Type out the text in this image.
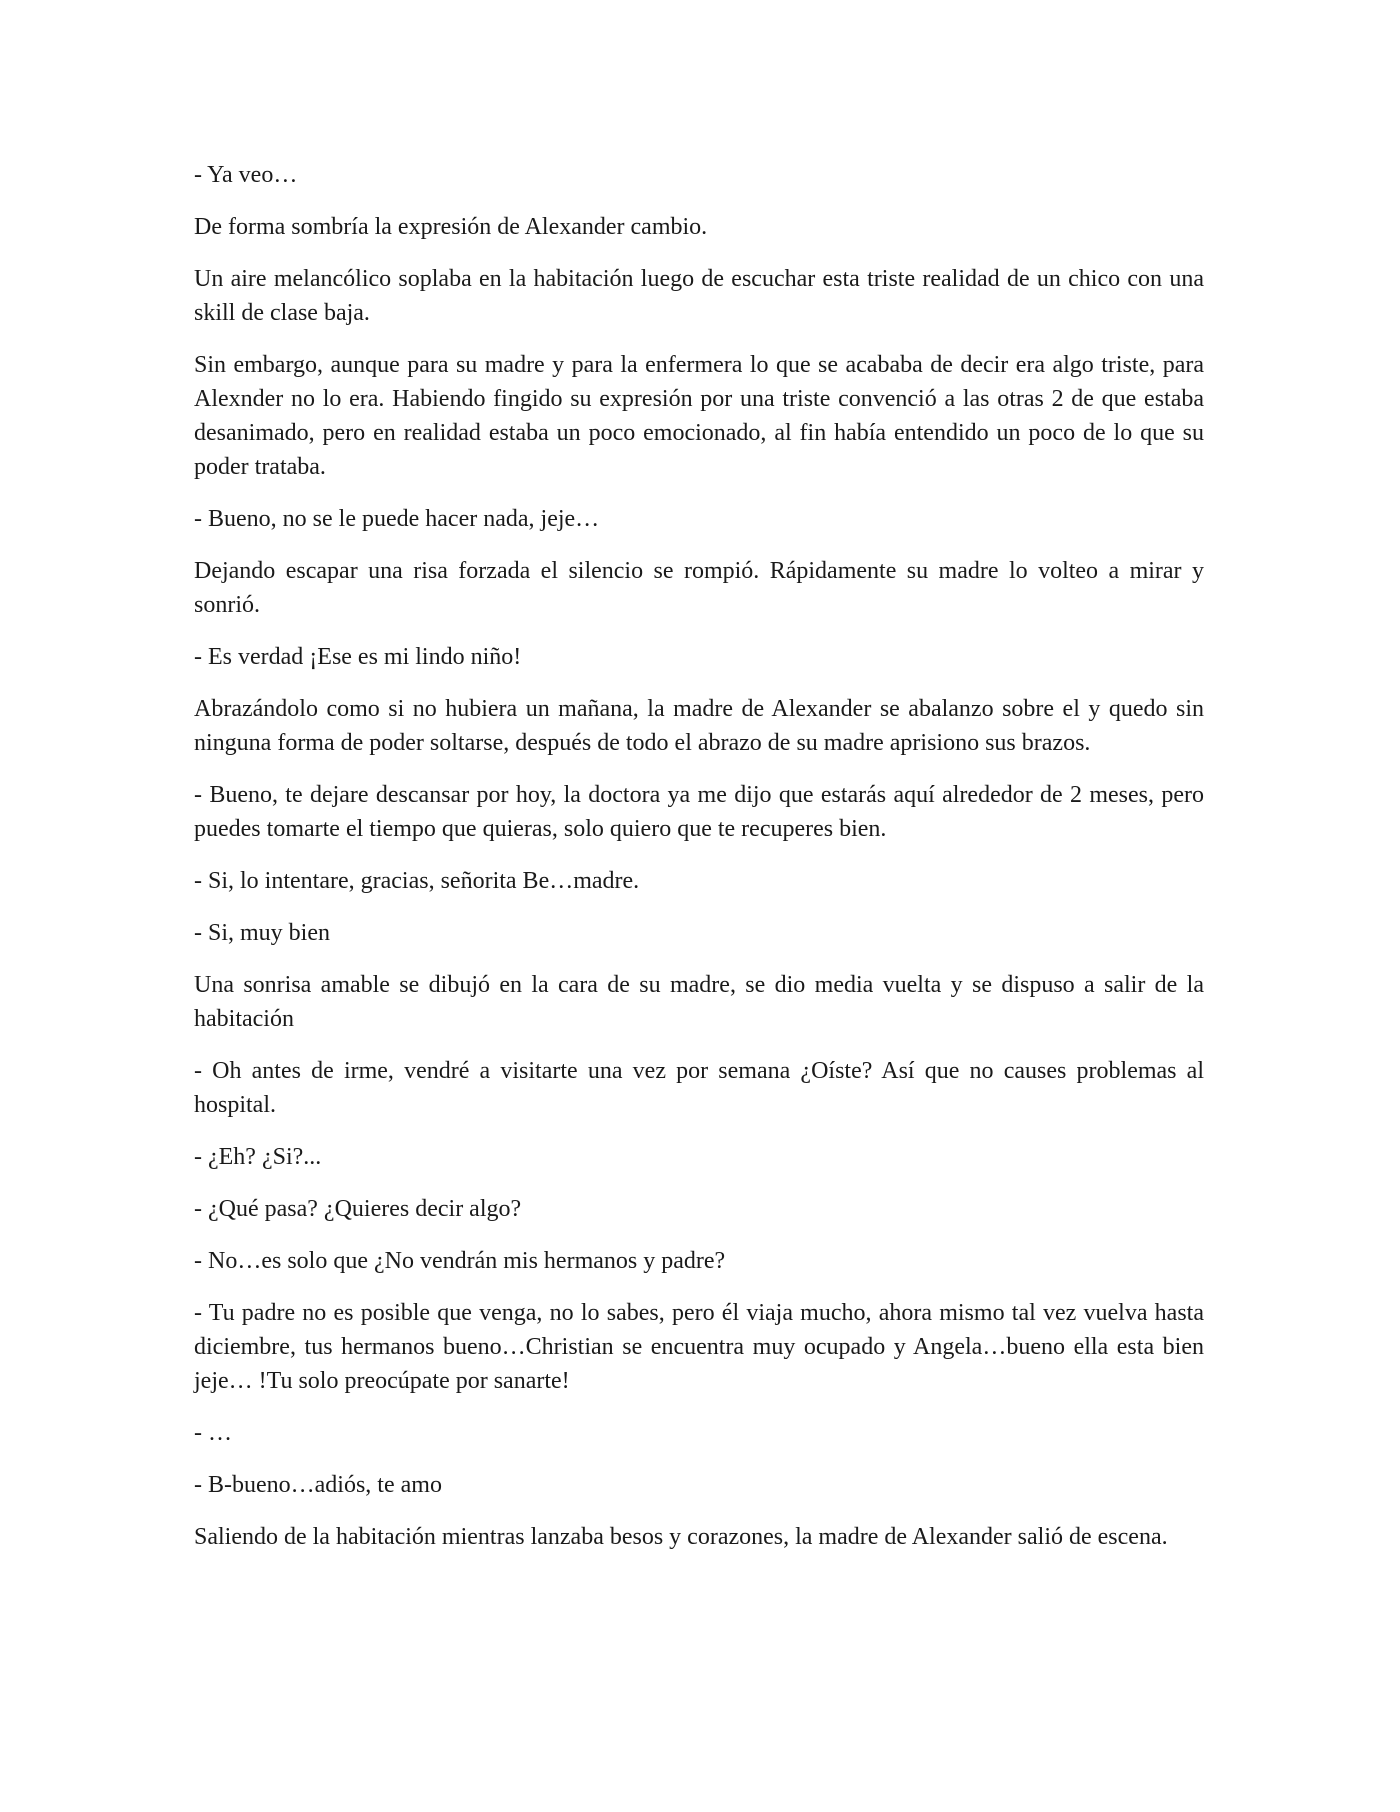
- Ya veo…

De forma sombría la expresión de Alexander cambio.

Un aire melancólico soplaba en la habitación luego de escuchar esta triste realidad de un chico con una skill de clase baja.

Sin embargo, aunque para su madre y para la enfermera lo que se acababa de decir era algo triste, para Alexnder no lo era. Habiendo fingido su expresión por una triste convenció a las otras 2 de que estaba desanimado, pero en realidad estaba un poco emocionado, al fin había entendido un poco de lo que su poder trataba.

- Bueno, no se le puede hacer nada, jeje…

Dejando escapar una risa forzada el silencio se rompió. Rápidamente su madre lo volteo a mirar y sonrió.

- Es verdad ¡Ese es mi lindo niño!

Abrazándolo como si no hubiera un mañana, la madre de Alexander se abalanzo sobre el y quedo sin ninguna forma de poder soltarse, después de todo el abrazo de su madre aprisiono sus brazos.

- Bueno, te dejare descansar por hoy, la doctora ya me dijo que estarás aquí alrededor de 2 meses, pero puedes tomarte el tiempo que quieras, solo quiero que te recuperes bien.

- Si, lo intentare, gracias, señorita Be…madre.

- Si, muy bien

Una sonrisa amable se dibujó en la cara de su madre, se dio media vuelta y se dispuso a salir de la habitación

- Oh antes de irme, vendré a visitarte una vez por semana ¿Oíste? Así que no causes problemas al hospital.

- ¿Eh? ¿Si?...

- ¿Qué pasa? ¿Quieres decir algo?

- No…es solo que ¿No vendrán mis hermanos y padre?

- Tu padre no es posible que venga, no lo sabes, pero él viaja mucho, ahora mismo tal vez vuelva hasta diciembre, tus hermanos bueno…Christian se encuentra muy ocupado y Angela…bueno ella esta bien jeje… !Tu solo preocúpate por sanarte!

- …

- B-bueno…adiós, te amo

Saliendo de la habitación mientras lanzaba besos y corazones, la madre de Alexander salió de escena.
